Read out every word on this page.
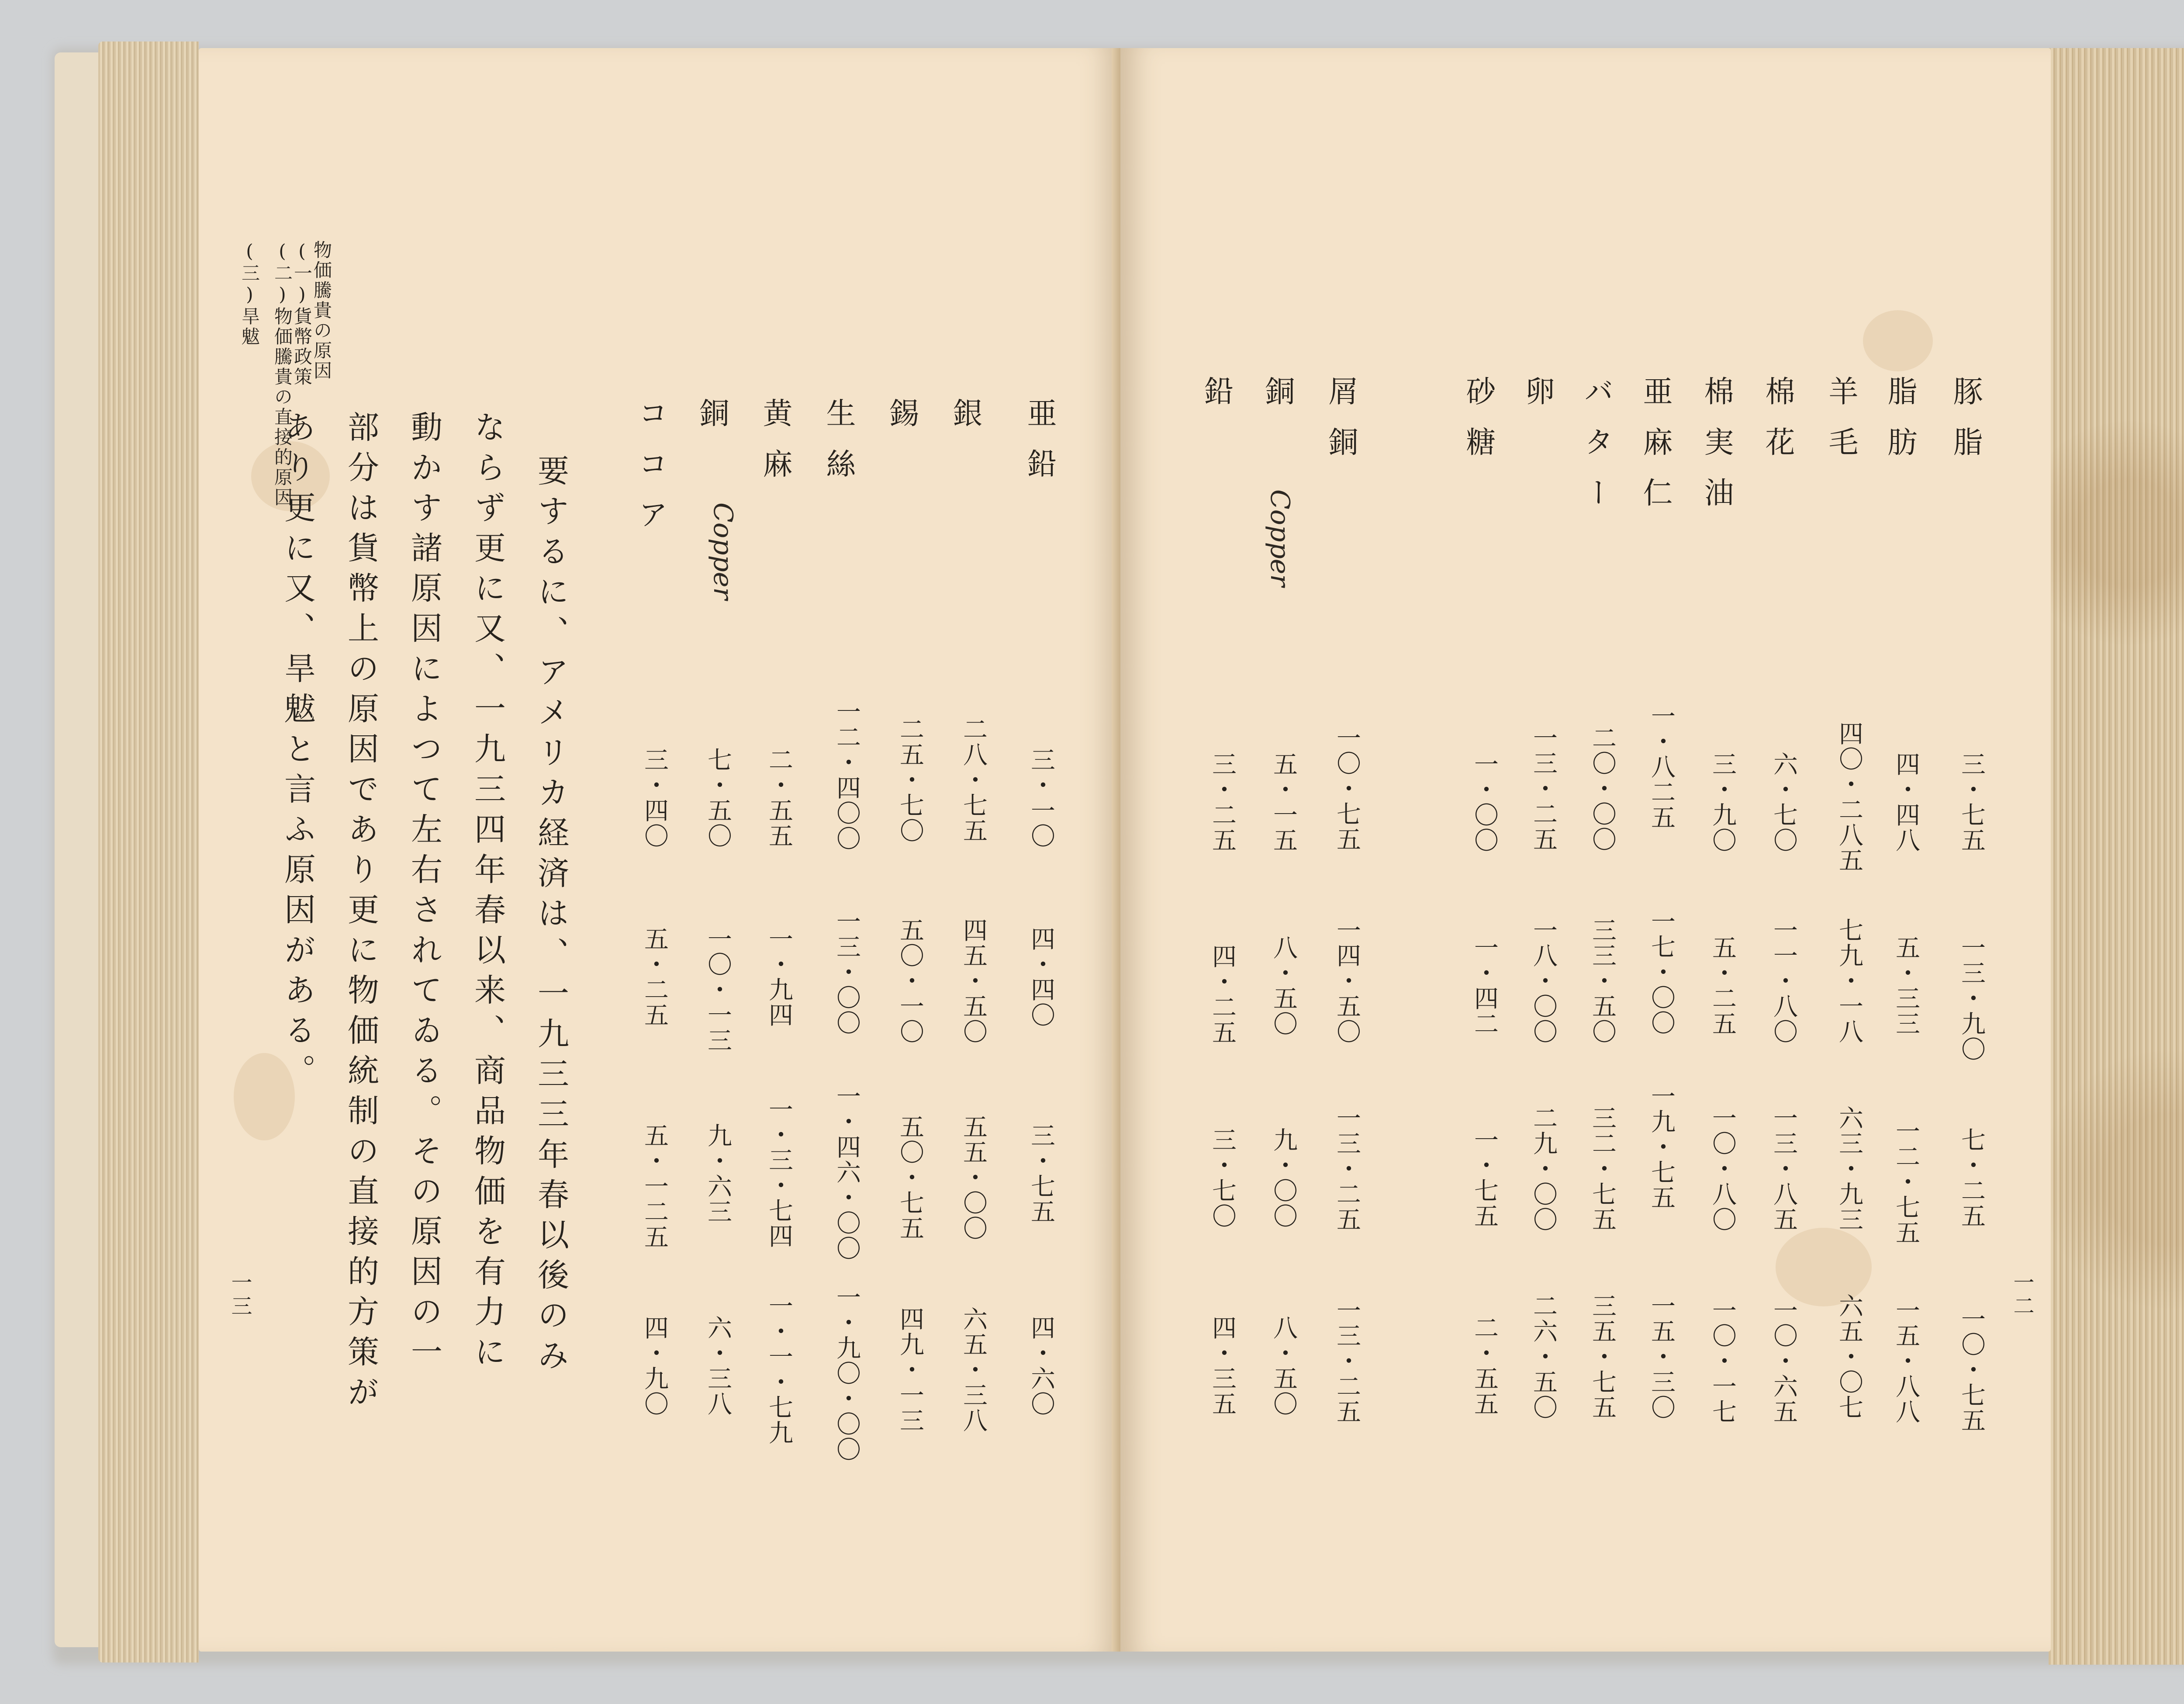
物価騰貴の原因
(一)貨幣政策
(二)物価騰貴の直接的原因
(三)旱魃
亜鉛
銀
錫
生絲
黄麻
銅
ココア
Copper
三・一〇
二八・七五
二五・七〇
一二・四〇〇
二・五五
七・五〇
三・四〇
四・四〇
四五・五〇
五〇・一〇
一三・〇〇
一・九四
一〇・一三
五・二五
三・七五
五五・〇〇
五〇・七五
一・四六・〇〇
一・三・七四
九・六三
五・一二五
四・六〇
六五・三八
四九・一三
一・九〇・〇〇
一・一・七九
六・三八
四・九〇
要するに、アメリカ経済は、一九三三年春以後のみ
ならず更に又、一九三四年春以来、商品物価を有力に
動かす諸原因によつて左右されてゐる。その原因の一
部分は貨幣上の原因であり更に物価統制の直接的方策が
あり更に又、旱魃と言ふ原因がある。
一三
豚脂
脂肪
羊毛
棉花
棉実油
亜麻仁
バター
卵
砂糖
屑銅
銅
鉛
Copper
三・七五
四・四八
四〇・二八五
六・七〇
三・九〇
一・八二五
二〇・〇〇
一三・二五
一・〇〇
一〇・七五
五・一五
三・二五
一三・九〇
五・三三
七九・一八
一一・八〇
五・二五
一七・〇〇
三三・五〇
一八・〇〇
一・四二
一四・五〇
八・五〇
四・二五
七・二五
一二・七五
六三・九三
一三・八五
一〇・八〇
一九・七五
三二・七五
二九・〇〇
一・七五
一三・二五
九・〇〇
三・七〇
一〇・七五
一五・八八
六五・〇七
一〇・六五
一〇・一七
一五・三〇
三五・七五
二六・五〇
二・五五
一三・二五
八・五〇
四・三五
一二
